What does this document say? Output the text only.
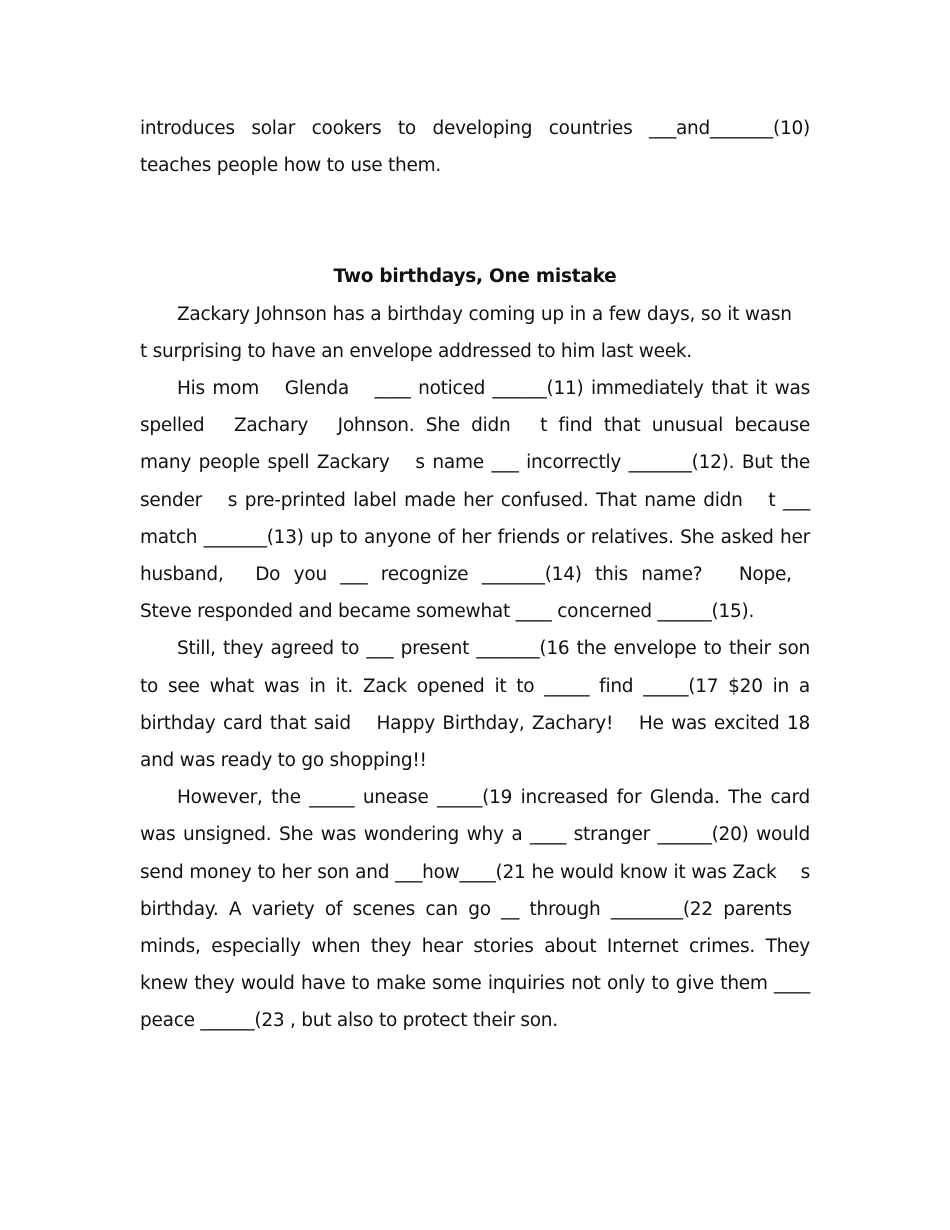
introduces solar cookers to developing countries ___and_______(10) teaches people how to use them.

Two birthdays, One mistake

Zackary Johnson has a birthday coming up in a few days, so it wasn  t surprising to have an envelope addressed to him last week.

His mom  Glenda  ____ noticed ______(11) immediately that it was spelled  Zachary  Johnson. She didn  t find that unusual because many people spell Zackary  s name ___ incorrectly _______(12). But the sender  s pre-printed label made her confused. That name didn  t ___ match _______(13) up to anyone of her friends or relatives. She asked her husband,  Do you ___ recognize _______(14) this name?  Nope,  Steve responded and became somewhat ____ concerned ______(15).

Still, they agreed to ___ present _______(16 the envelope to their son to see what was in it. Zack opened it to _____ find _____(17 $20 in a birthday card that said  Happy Birthday, Zachary!  He was excited 18 and was ready to go shopping!!

However, the _____ unease _____(19 increased for Glenda. The card was unsigned. She was wondering why a ____ stranger ______(20) would send money to her son and ___how____(21 he would know it was Zack  s birthday. A variety of scenes can go __ through ________(22 parents  minds, especially when they hear stories about Internet crimes. They knew they would have to make some inquiries not only to give them ____ peace ______(23 , but also to protect their son.
